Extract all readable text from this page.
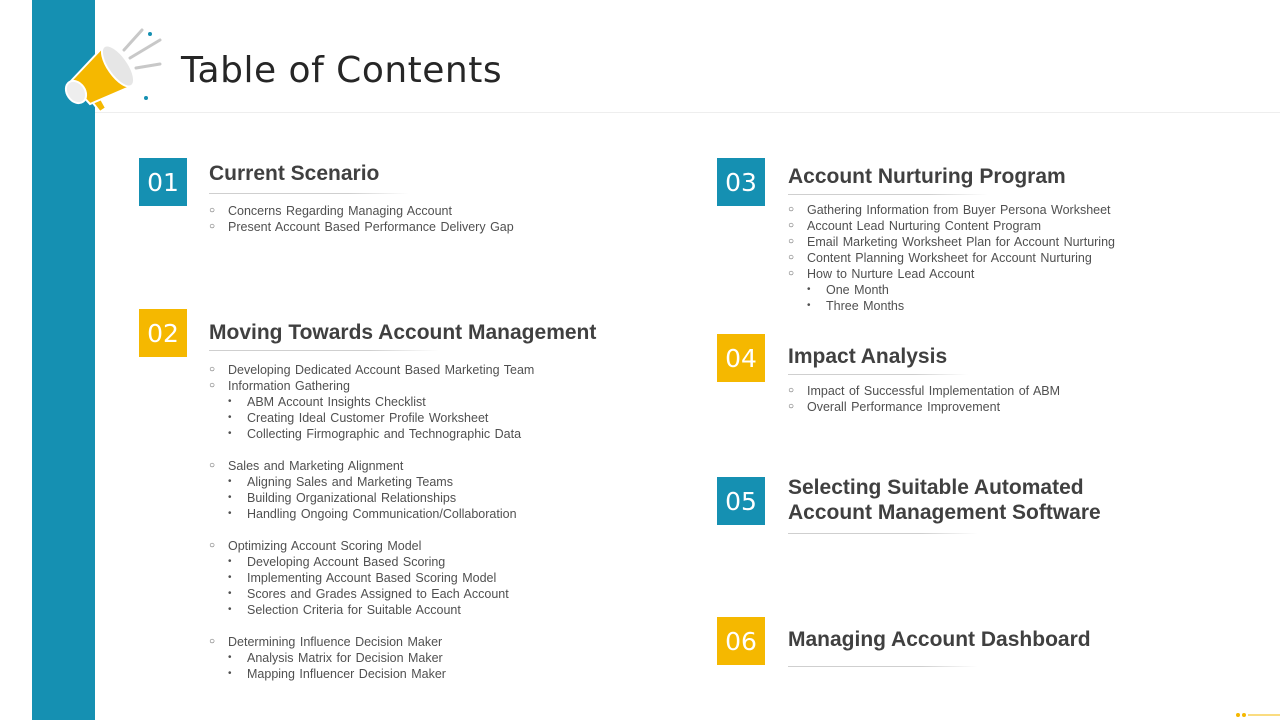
Table of Contents
01	Current Scenario
○ Concerns Regarding Managing Account
○ Present Account Based Performance Delivery Gap
02	Moving Towards Account Management
○ Developing Dedicated Account Based Marketing Team
○ Information Gathering
• ABM Account Insights Checklist
• Creating Ideal Customer Profile Worksheet
• Collecting Firmographic and Technographic Data
○ Sales and Marketing Alignment
• Aligning Sales and Marketing Teams
• Building Organizational Relationships
• Handling Ongoing Communication/Collaboration
○ Optimizing Account Scoring Model
• Developing Account Based Scoring
• Implementing Account Based Scoring Model
• Scores and Grades Assigned to Each Account
• Selection Criteria for Suitable Account
○ Determining Influence Decision Maker
• Analysis Matrix for Decision Maker
• Mapping Influencer Decision Maker
03	Account Nurturing Program
○ Gathering Information from Buyer Persona Worksheet
○ Account Lead Nurturing Content Program
○ Email Marketing Worksheet Plan for Account Nurturing
○ Content Planning Worksheet for Account Nurturing
○ How to Nurture Lead Account
• One Month
• Three Months
04	Impact Analysis
○ Impact of Successful Implementation of ABM
○ Overall Performance Improvement
05	Selecting Suitable Automated
Account Management Software
06	Managing Account Dashboard
